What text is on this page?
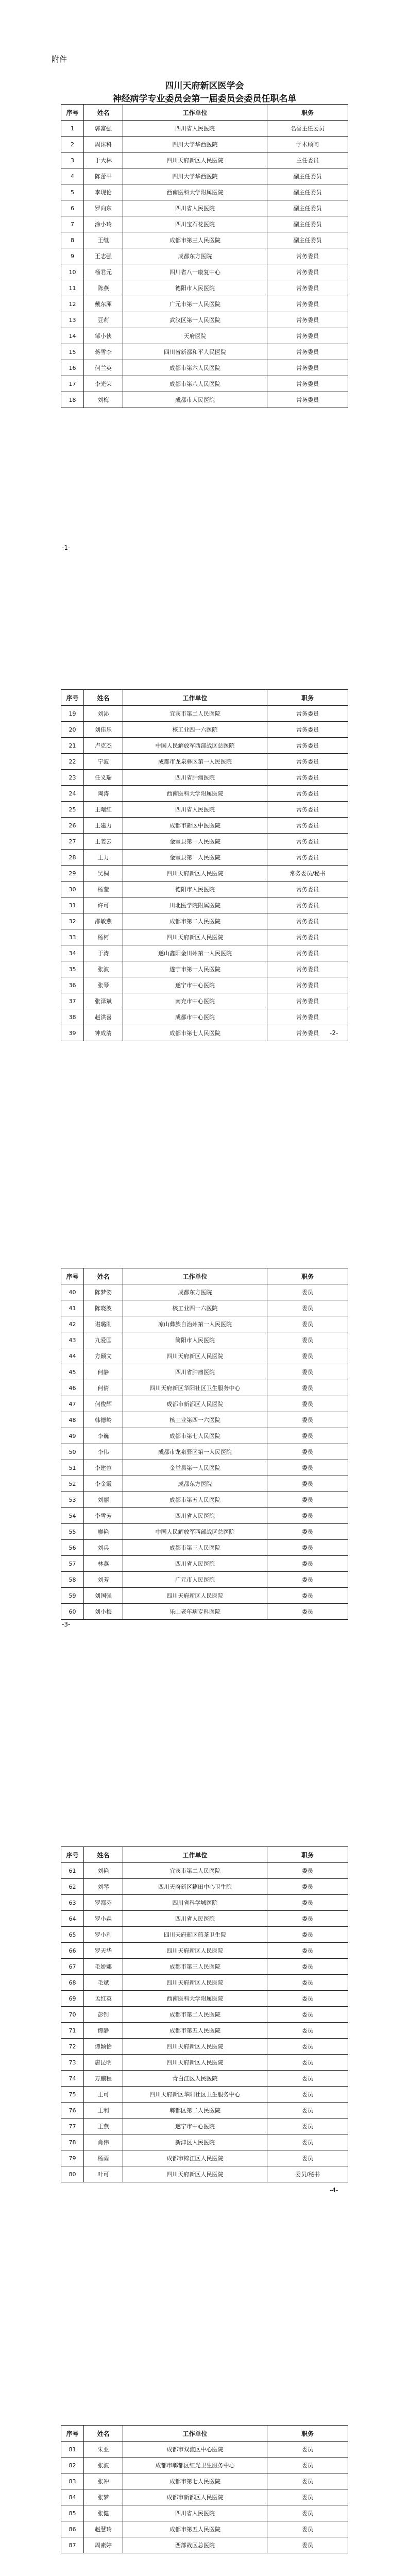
附件
四川天府新区医学会
神经病学专业委员会第一届委员会委员任职名单
序号	姓名	工作单位	职务
1	郭富强	四川省人民医院	名誉主任委员
2	周沫科	四川大学华西医院	学术顾问
3	于大林	四川天府新区人民医院	主任委员
4	陈蕾平	四川大学华西医院	副主任委员
5	李现伦	西南医科大学附属医院	副主任委员
6	罗向东	四川省人民医院	副主任委员
7	涂小玲	四川宝石花医院	副主任委员
8	王继	成都市第三人民医院	副主任委员
9	王志强	成都东方医院	常务委员
10	杨君元	四川省八一康复中心	常务委员
11	陈燕	德阳市人民医院	常务委员
12	戴东渾	广元市第一人民医院	常务委员
13	豆莉	武汉区第一人民医院	常务委员
14	邹小侠	天府医院	常务委员
15	蒋雪李	四川省新都和平人民医院	常务委员
16	何兰英	成都市第六人民医院	常务委员
17	李光荣	成都市第八人民医院	常务委员
18	刘梅	成都市人民医院	常务委员
-1-
序号	姓名	工作单位	职务
19	刘沁	宜宾市第二人民医院	常务委员
20	刘佳乐	核工业四一六医院	常务委员
21	卢克杰	中国人民解放军西部战区总医院	常务委员
22	宁波	成都市龙泉驿区第一人民医院	常务委员
23	任义瑞	四川省肿瘤医院	常务委员
24	陶涛	西南医科大学附属医院	常务委员
25	王曙红	四川省人民医院	常务委员
26	王建力	成都市新区中医医院	常务委员
27	王姜云	金堂县第一人民医院	常务委员
28	王力	金堂县第一人民医院	常务委员
29	吴桐	四川天府新区人民医院	常务委员/秘书
30	杨莹	德阳市人民医院	常务委员
31	许可	川北医学院附属医院	常务委员
32	邵敏燕	成都市第二人民医院	常务委员
33	杨柯	四川天府新区人民医院	常务委员
34	于涛	遂山鑫阳金川州第一人民医院	常务委员
35	张波	遂宁市第一人民医院	常务委员
36	张琴	遂宁市中心医院	常务委员
37	张泽斌	南充市中心医院	常务委员
38	赵洪喜	成都市中心医院	常务委员
39	钟成清	成都市第七人民医院	常务委员 -2-
序号	姓名	工作单位	职务
40	陈梦姿	成都东方医院	委员
41	陈晓波	核工业四一六医院	委员
42	谌璐刚	凉山彝族自治州第一人民医院	委员
43	九爱国	简阳市人民医院	委员
44	方颖文	四川天府新区人民医院	委员
45	何静	四川省肿瘤医院	委员
46	何倩	四川天府新区华阳社区卫生服务中心	委员
47	何俊辉	成都市新都区人民医院	委员
48	韩德岭	核工业第四一六医院	委员
49	李巍	成都市第七人民医院	委员
50	李伟	成都市龙泉驿区第一人民医院	委员
51	李建蓉	金堂县第一人民医院	委员
52	李金霞	成都东方医院	委员
53	刘丽	成都市第五人民医院	委员
54	李雪芳	四川省人民医院	委员
55	廖艳	中国人民解放军西部战区总医院	委员
56	刘兵	成都市第三人民医院	委员
57	林燕	四川省人民医院	委员
58	刘芳	广元市人民医院	委员
59	刘国强	四川天府新区人民医院	委员
60	刘小梅	乐山老年病专科医院	委员
-3-
序号	姓名	工作单位	职务
61	刘艳	宜宾市第二人民医院	委员
62	刘琴	四川天府新区籍田中心卫生院	委员
63	罗都芬	四川省科学城医院	委员
64	罗小森	四川省人民医院	委员
65	罗小利	四川天府新区煎茶卫生院	委员
66	罗天华	四川天府新区人民医院	委员
67	毛娇娜	成都市第三人民医院	委员
68	毛斌	四川天府新区人民医院	委员
69	孟红英	西南医科大学附属医院	委员
70	彭钊	成都市第二人民医院	委员
71	谭静	成都市第五人民医院	委员
72	谭颖怡	四川天府新区人民医院	委员
73	唐昆明	四川天府新区人民医院	委员
74	万鹏程	青白江区人民医院	委员
75	王可	四川天府新区华阳社区卫生服务中心	委员
76	王利	郫都区第二人民医院	委员
77	王燕	遂宁市中心医院	委员
78	肖伟	新津区人民医院	委员
79	杨雨	成都市锦江区人民医院	委员
80	叶可	四川天府新区人民医院	委员/秘书
-4-
序号	姓名	工作单位	职务
81	朱亚	成都市双流区中心医院	委员
82	张波	成都市郫都区红光卫生服务中心	委员
83	张冲	成都市第七人民医院	委员
84	张梦	成都市新都区人民医院	委员
85	张健	四川省人民医院	委员
86	赵慧玲	成都市第五人民医院	委员
87	周素婷	西部战区总医院	委员
